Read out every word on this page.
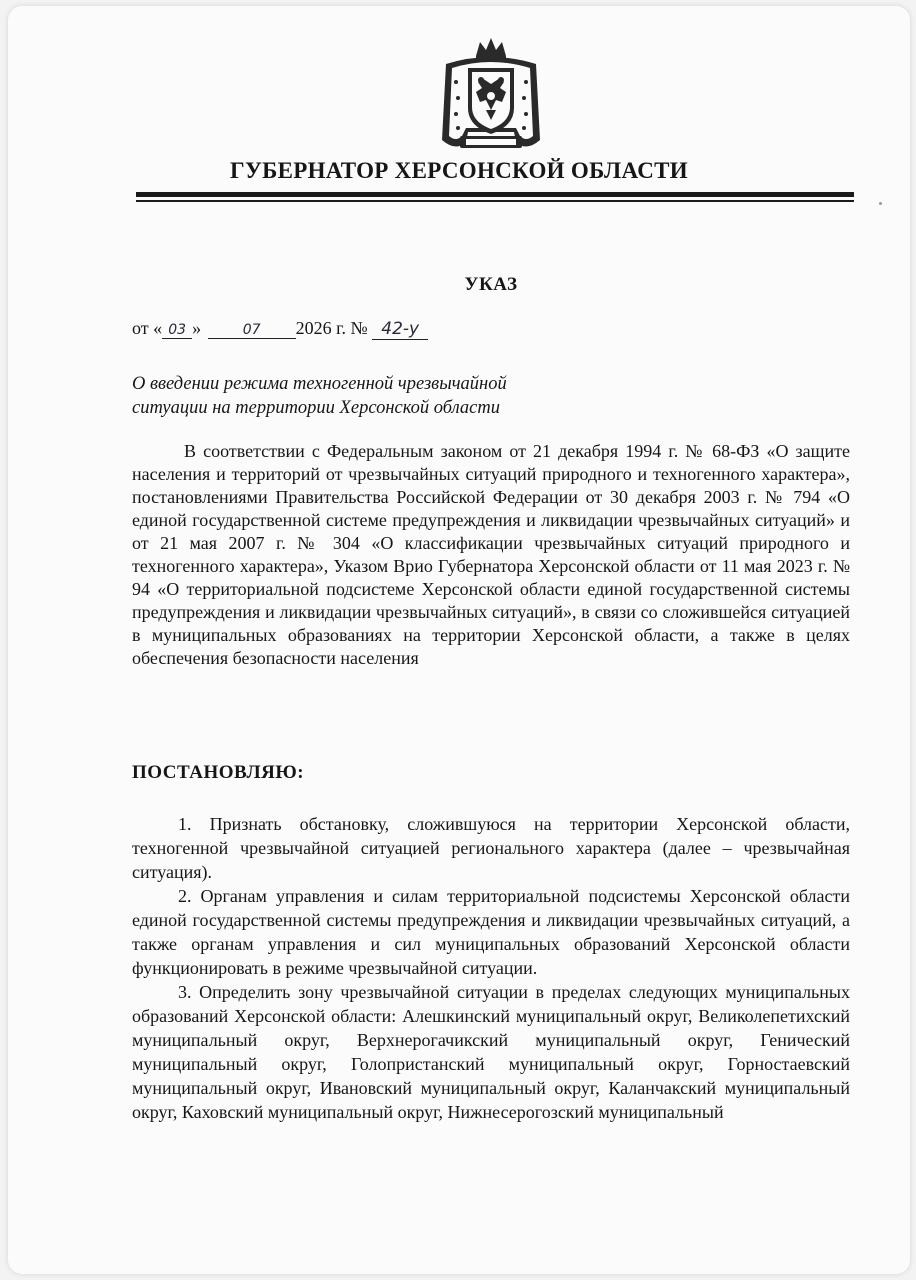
ГУБЕРНАТОР ХЕРСОНСКОЙ ОБЛАСТИ
УКАЗ
от « 03 »	07 2026 г. № 42-у
О введении режима техногенной чрезвычайной
ситуации на территории Херсонской области

В соответствии с Федеральным законом от 21 декабря 1994 г. № 68-ФЗ «О защите населения и территорий от чрезвычайных ситуаций природного и техногенного характера», постановлениями Правительства Российской Федерации от 30 декабря 2003 г. № 794 «О единой государственной системе предупреждения и ликвидации чрезвычайных ситуаций» и от 21 мая 2007 г. № 304 «О классификации чрезвычайных ситуаций природного и техногенного характера», Указом Врио Губернатора Херсонской области от 11 мая 2023 г. № 94 «О территориальной подсистеме Херсонской области единой государственной системы предупреждения и ликвидации чрезвычайных ситуаций», в связи со сложившейся ситуацией в муниципальных образованиях на территории Херсонской области, а также в целях обеспечения безопасности населения

ПОСТАНОВЛЯЮ:

1. Признать обстановку, сложившуюся на территории Херсонской области, техногенной чрезвычайной ситуацией регионального характера (далее – чрезвычайная ситуация).

2. Органам управления и силам территориальной подсистемы Херсонской области единой государственной системы предупреждения и ликвидации чрезвычайных ситуаций, а также органам управления и сил муниципальных образований Херсонской области функционировать в режиме чрезвычайной ситуации.

3. Определить зону чрезвычайной ситуации в пределах следующих муниципальных образований Херсонской области: Алешкинский муниципальный округ, Великолепетихский муниципальный округ, Верхнерогачикский муниципальный округ, Генический муниципальный округ, Голопристанский муниципальный округ, Горностаевский муниципальный округ, Ивановский муниципальный округ, Каланчакский муниципальный округ, Каховский муниципальный округ, Нижнесерогозский муниципальный
